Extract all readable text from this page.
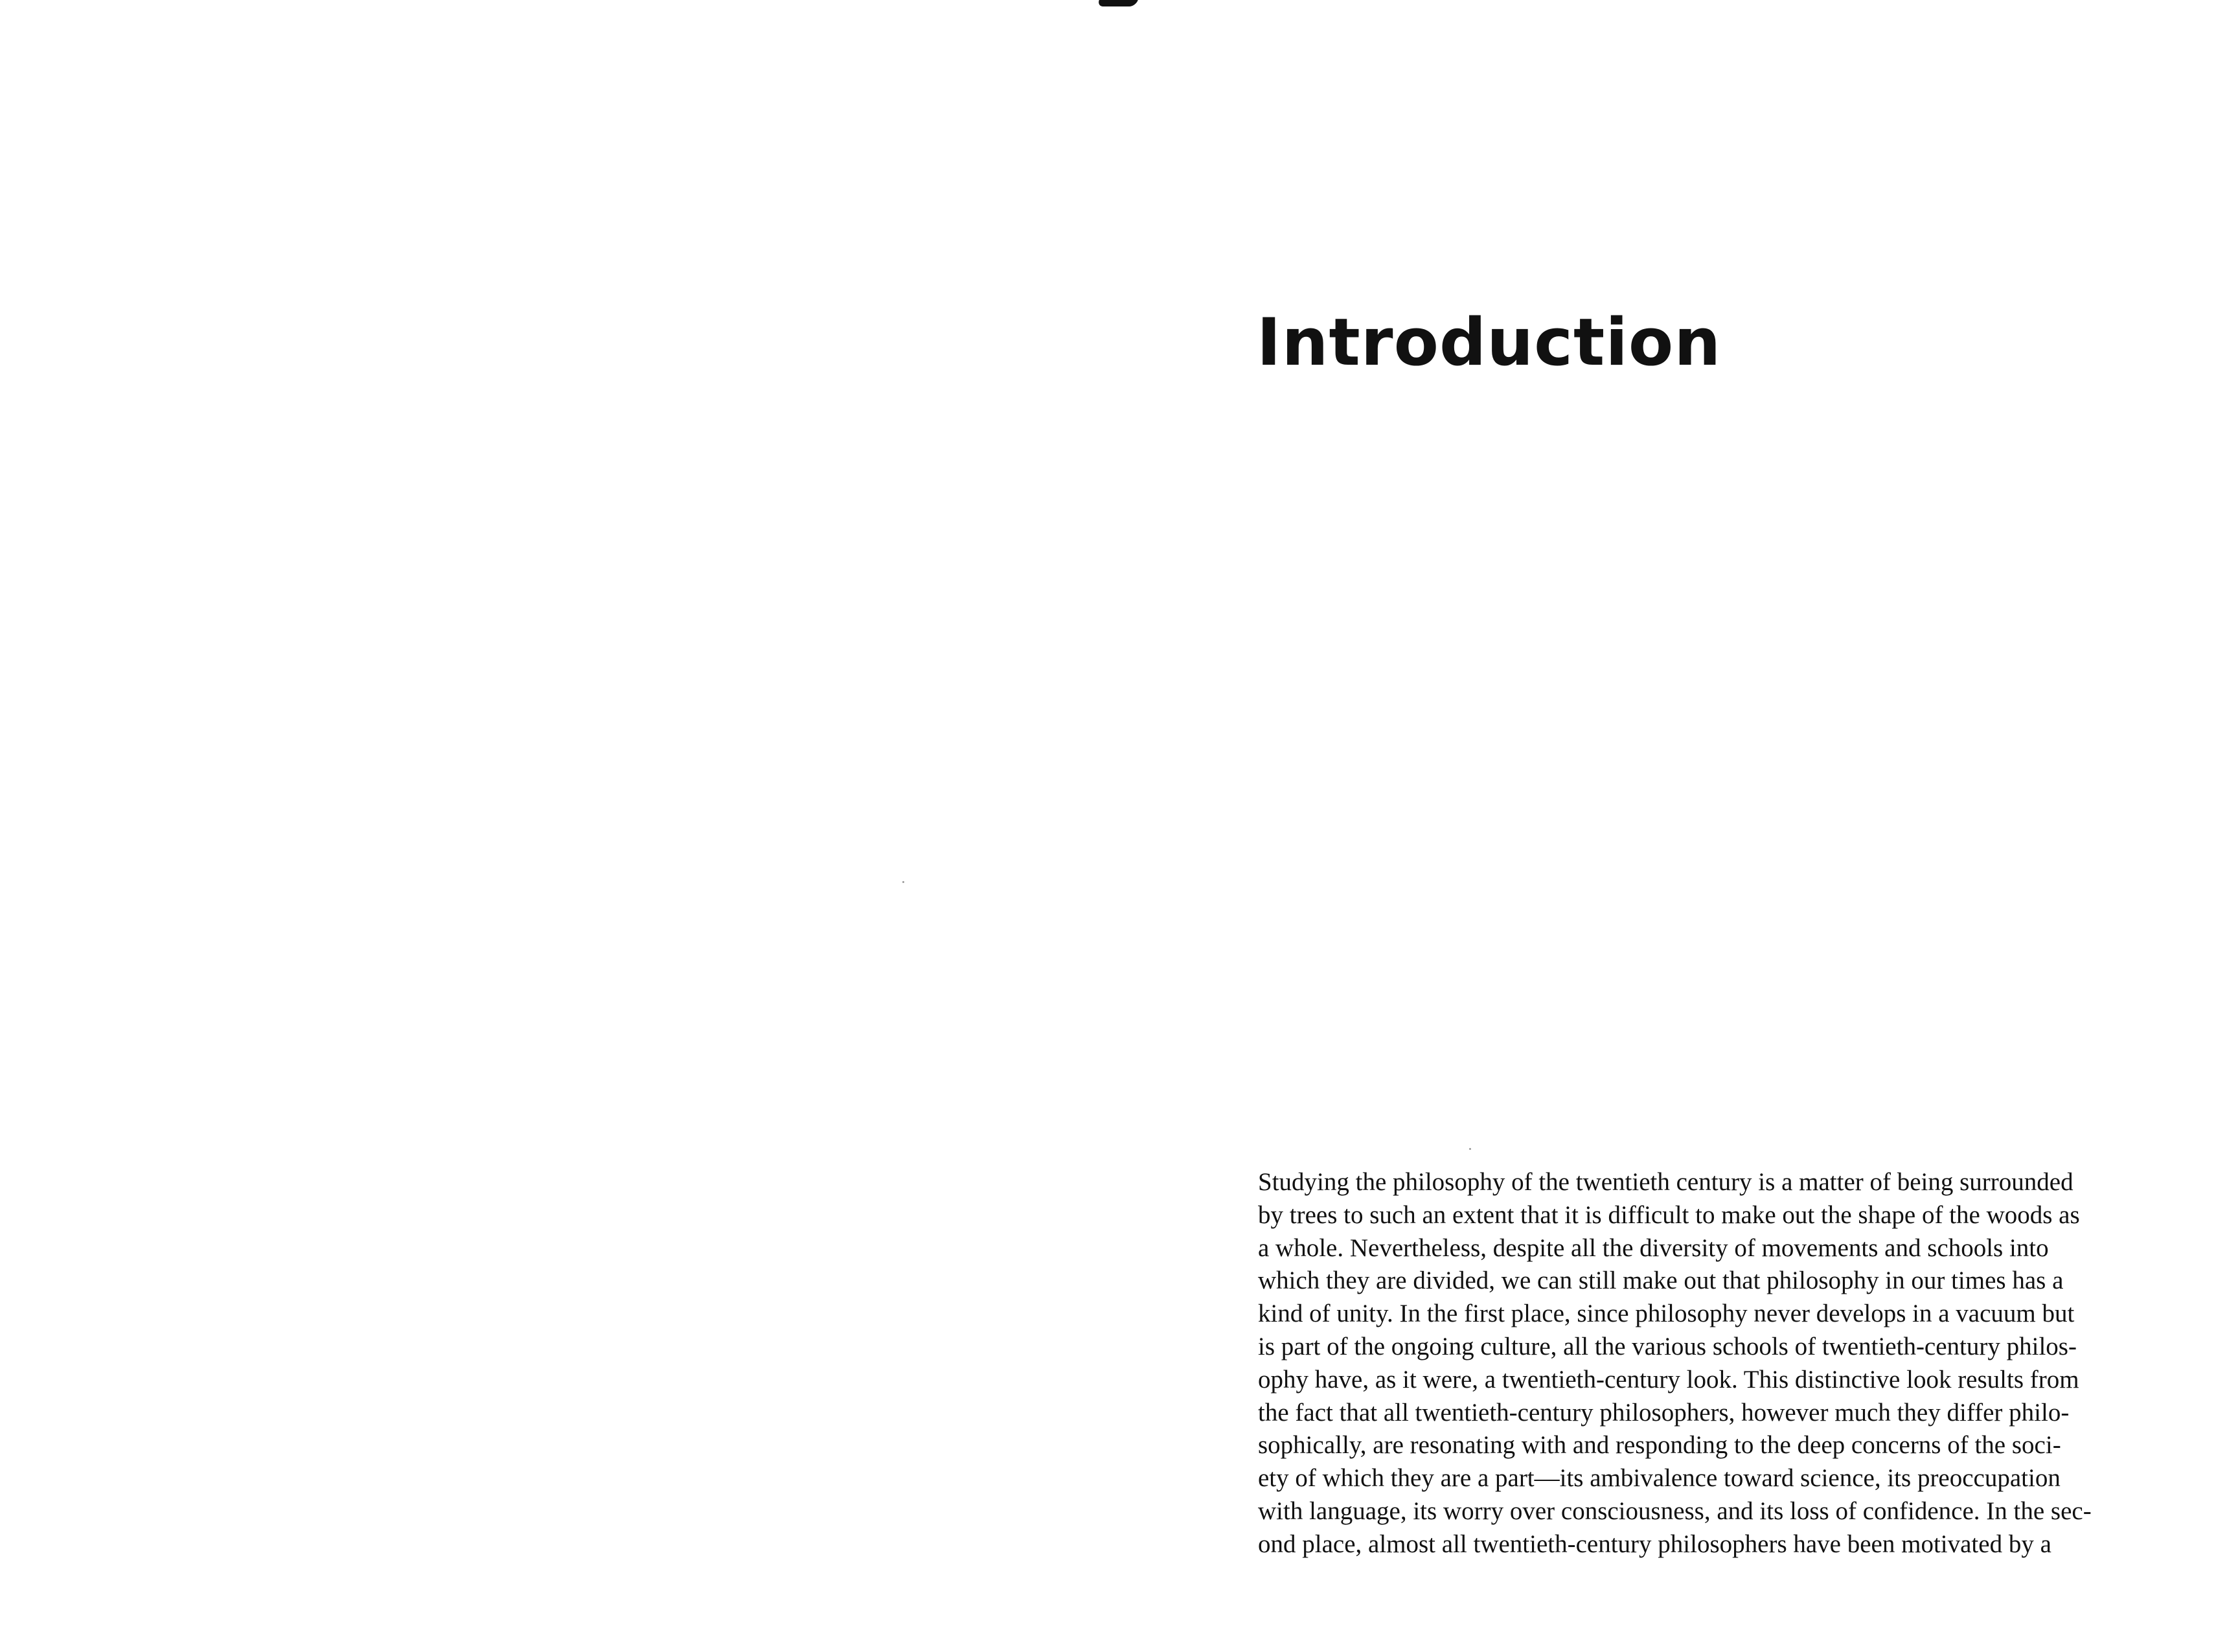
Introduction
Studying the philosophy of the twentieth century is a matter of being surrounded
by trees to such an extent that it is difficult to make out the shape of the woods as
a whole. Nevertheless, despite all the diversity of movements and schools into
which they are divided, we can still make out that philosophy in our times has a
kind of unity. In the first place, since philosophy never develops in a vacuum but
is part of the ongoing culture, all the various schools of twentieth-century philos-
ophy have, as it were, a twentieth-century look. This distinctive look results from
the fact that all twentieth-century philosophers, however much they differ philo-
sophically, are resonating with and responding to the deep concerns of the soci-
ety of which they are a part—its ambivalence toward science, its preoccupation
with language, its worry over consciousness, and its loss of confidence. In the sec-
ond place, almost all twentieth-century philosophers have been motivated by a
